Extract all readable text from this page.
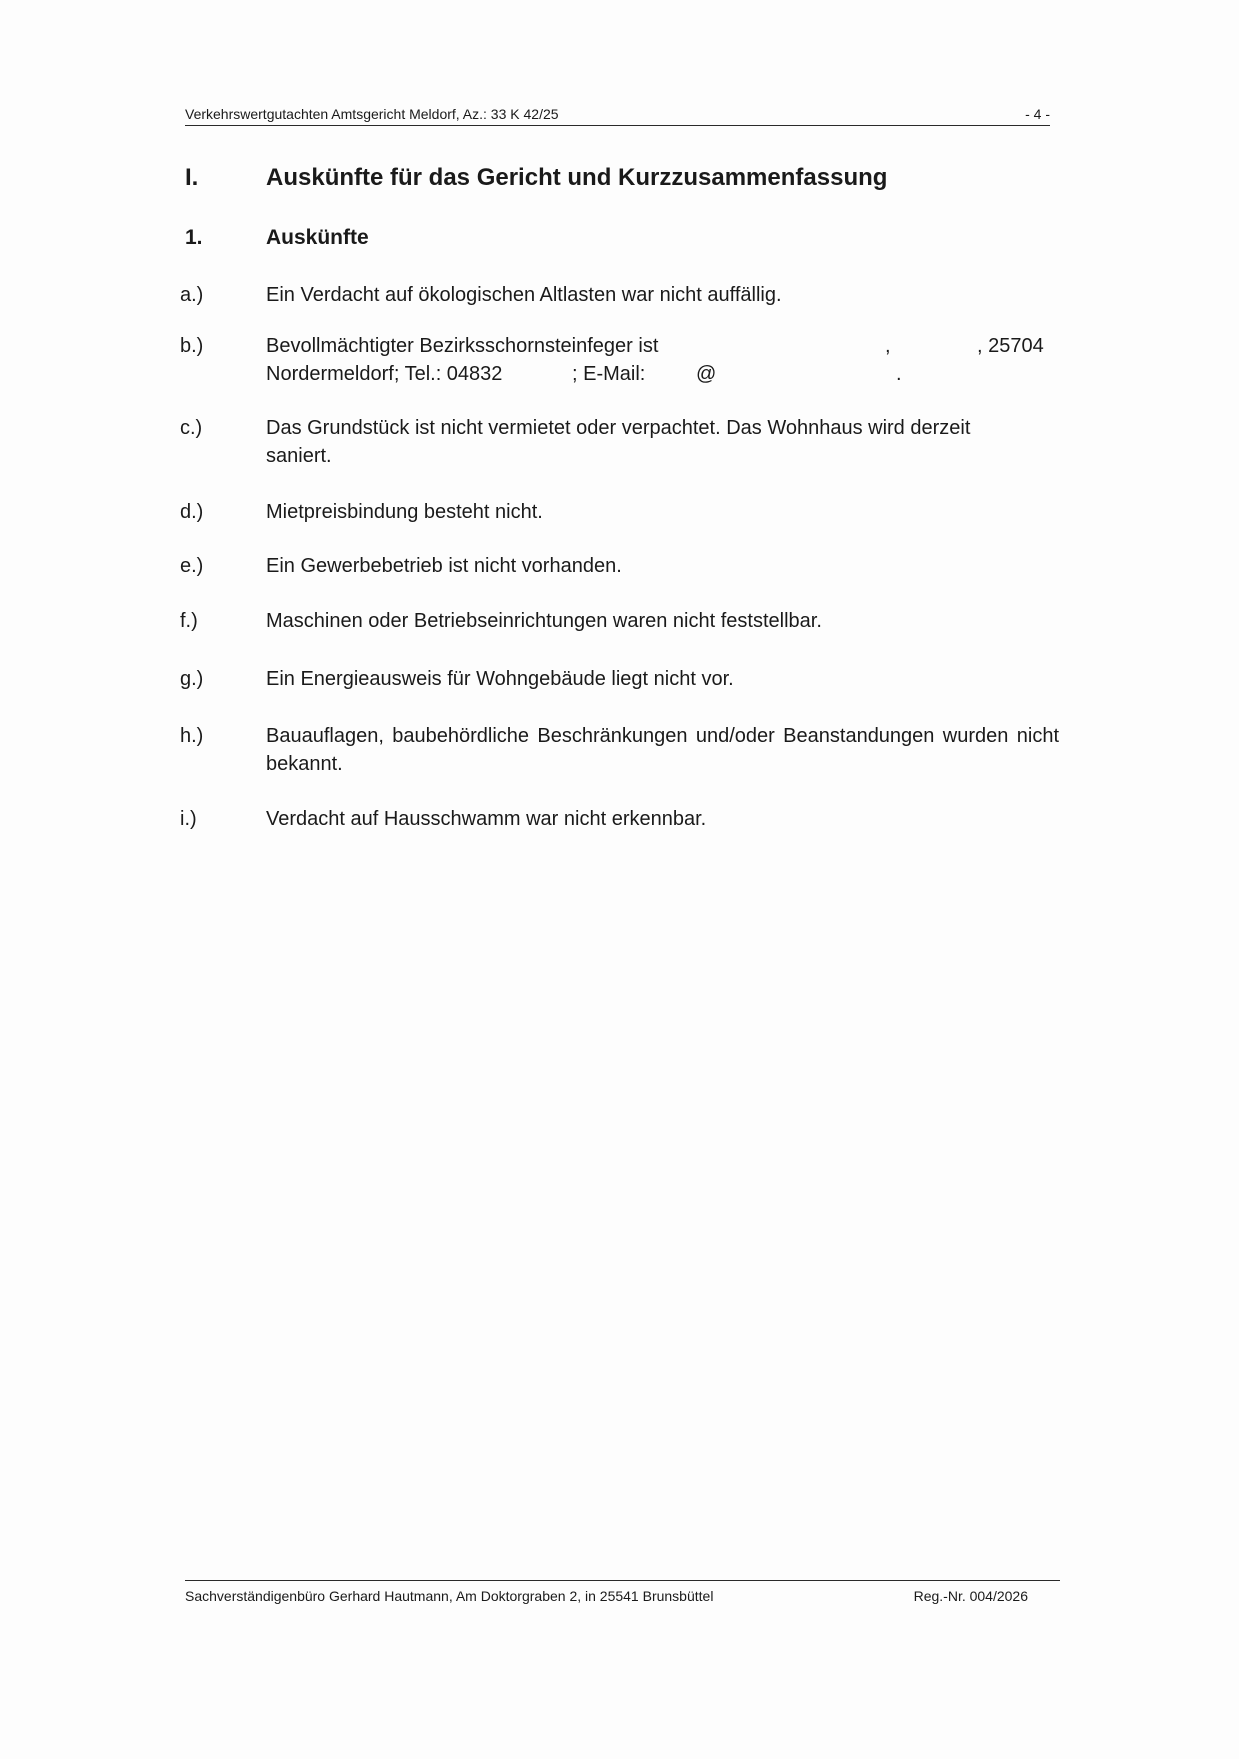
Verkehrswertgutachten Amtsgericht Meldorf, Az.: 33 K 42/25	- 4 -
I.	Auskünfte für das Gericht und Kurzzusammenfassung
1.	Auskünfte
a.)	Ein Verdacht auf ökologischen Altlasten war nicht auffällig.
b.)	Bevollmächtigter Bezirksschornsteinfeger ist	,	, 25704
Nordermeldorf; Tel.: 04832	; E-Mail:	@	.
c.)	Das Grundstück ist nicht vermietet oder verpachtet. Das Wohnhaus wird derzeit saniert.
d.)	Mietpreisbindung besteht nicht.
e.)	Ein Gewerbebetrieb ist nicht vorhanden.
f.)	Maschinen oder Betriebseinrichtungen waren nicht feststellbar.
g.)	Ein Energieausweis für Wohngebäude liegt nicht vor.
h.)	Bauauflagen, baubehördliche Beschränkungen und/oder Beanstandungen wurden nicht bekannt.
i.)	Verdacht auf Hausschwamm war nicht erkennbar.
Sachverständigenbüro Gerhard Hautmann, Am Doktorgraben 2, in 25541 Brunsbüttel	Reg.-Nr. 004/2026
